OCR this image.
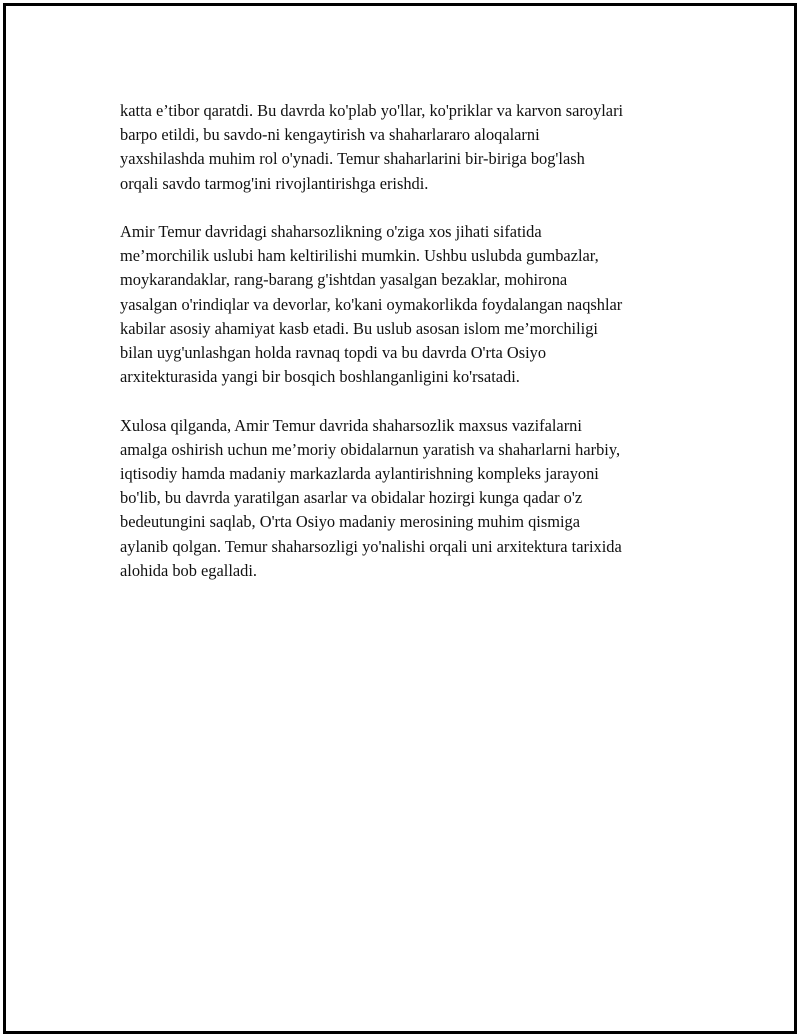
katta e’tibor qaratdi. Bu davrda ko'plab yo'llar, ko'priklar va karvon saroylari
barpo etildi, bu savdo-ni kengaytirish va shaharlararo aloqalarni
yaxshilashda muhim rol o'ynadi. Temur shaharlarini bir-biriga bog'lash
orqali savdo tarmog'ini rivojlantirishga erishdi.

Amir Temur davridagi shaharsozlikning o'ziga xos jihati sifatida
me’morchilik uslubi ham keltirilishi mumkin. Ushbu uslubda gumbazlar,
moykarandaklar, rang-barang g'ishtdan yasalgan bezaklar, mohirona
yasalgan o'rindiqlar va devorlar, ko'kani oymakorlikda foydalangan naqshlar
kabilar asosiy ahamiyat kasb etadi. Bu uslub asosan islom me’morchiligi
bilan uyg'unlashgan holda ravnaq topdi va bu davrda O'rta Osiyo
arxitekturasida yangi bir bosqich boshlanganligini ko'rsatadi.

Xulosa qilganda, Amir Temur davrida shaharsozlik maxsus vazifalarni
amalga oshirish uchun me’moriy obidalarnun yaratish va shaharlarni harbiy,
iqtisodiy hamda madaniy markazlarda aylantirishning kompleks jarayoni
bo'lib, bu davrda yaratilgan asarlar va obidalar hozirgi kunga qadar o'z
bedeutungini saqlab, O'rta Osiyo madaniy merosining muhim qismiga
aylanib qolgan. Temur shaharsozligi yo'nalishi orqali uni arxitektura tarixida
alohida bob egalladi.
